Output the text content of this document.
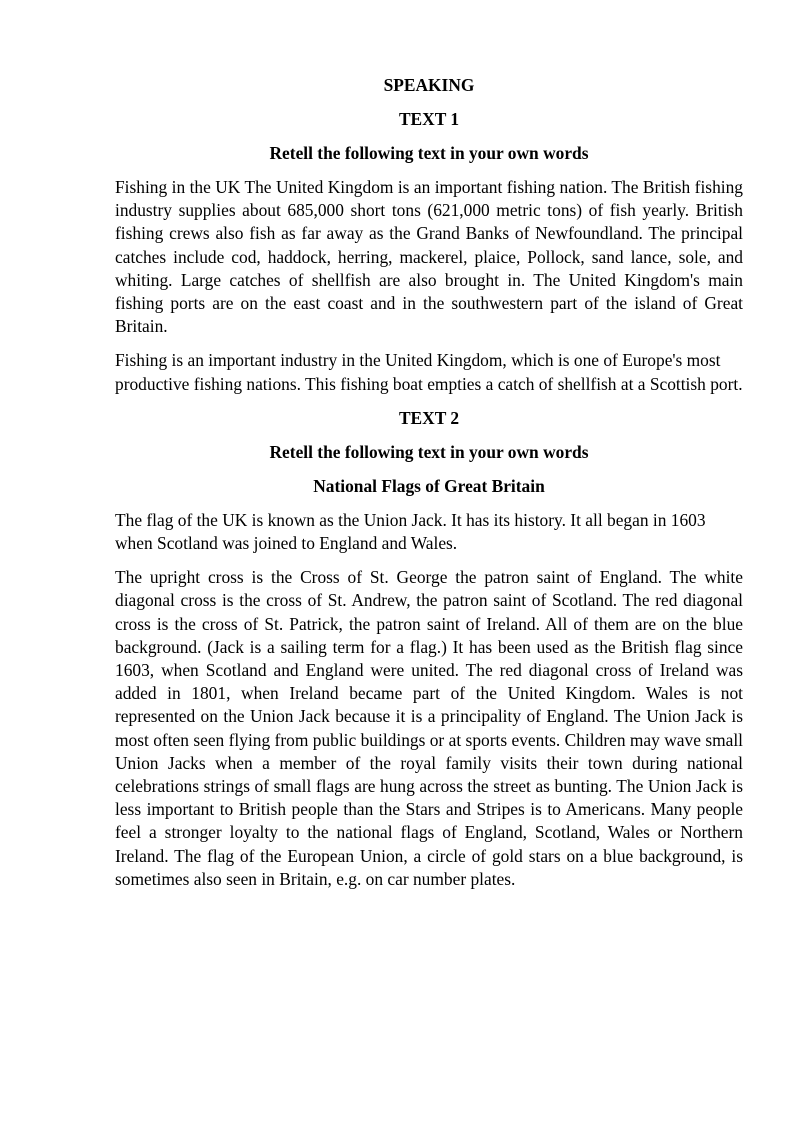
SPEAKING
TEXT 1
Retell the following text in your own words

Fishing in the UK The United Kingdom is an important fishing nation. The British fishing industry supplies about 685,000 short tons (621,000 metric tons) of fish yearly. British fishing crews also fish as far away as the Grand Banks of Newfoundland. The principal catches include cod, haddock, herring, mackerel, plaice, Pollock, sand lance, sole, and whiting. Large catches of shellfish are also brought in. The United Kingdom's main fishing ports are on the east coast and in the southwestern part of the island of Great Britain.

Fishing is an important industry in the United Kingdom, which is one of Europe's most productive fishing nations. This fishing boat empties a catch of shellfish at a Scottish port.

TEXT 2
Retell the following text in your own words
National Flags of Great Britain

The flag of the UK is known as the Union Jack. It has its history. It all began in 1603 when Scotland was joined to England and Wales.

The upright cross is the Cross of St. George the patron saint of England. The white diagonal cross is the cross of St. Andrew, the patron saint of Scotland. The red diagonal cross is the cross of St. Patrick, the patron saint of Ireland. All of them are on the blue background. (Jack is a sailing term for a flag.) It has been used as the British flag since 1603, when Scotland and England were united. The red diagonal cross of Ireland was added in 1801, when Ireland became part of the United Kingdom. Wales is not represented on the Union Jack because it is a principality of England. The Union Jack is most often seen flying from public buildings or at sports events. Children may wave small Union Jacks when a member of the royal family visits their town during national celebrations strings of small flags are hung across the street as bunting. The Union Jack is less important to British people than the Stars and Stripes is to Americans. Many people feel a stronger loyalty to the national flags of England, Scotland, Wales or Northern Ireland. The flag of the European Union, a circle of gold stars on a blue background, is sometimes also seen in Britain, e.g. on car number plates.
